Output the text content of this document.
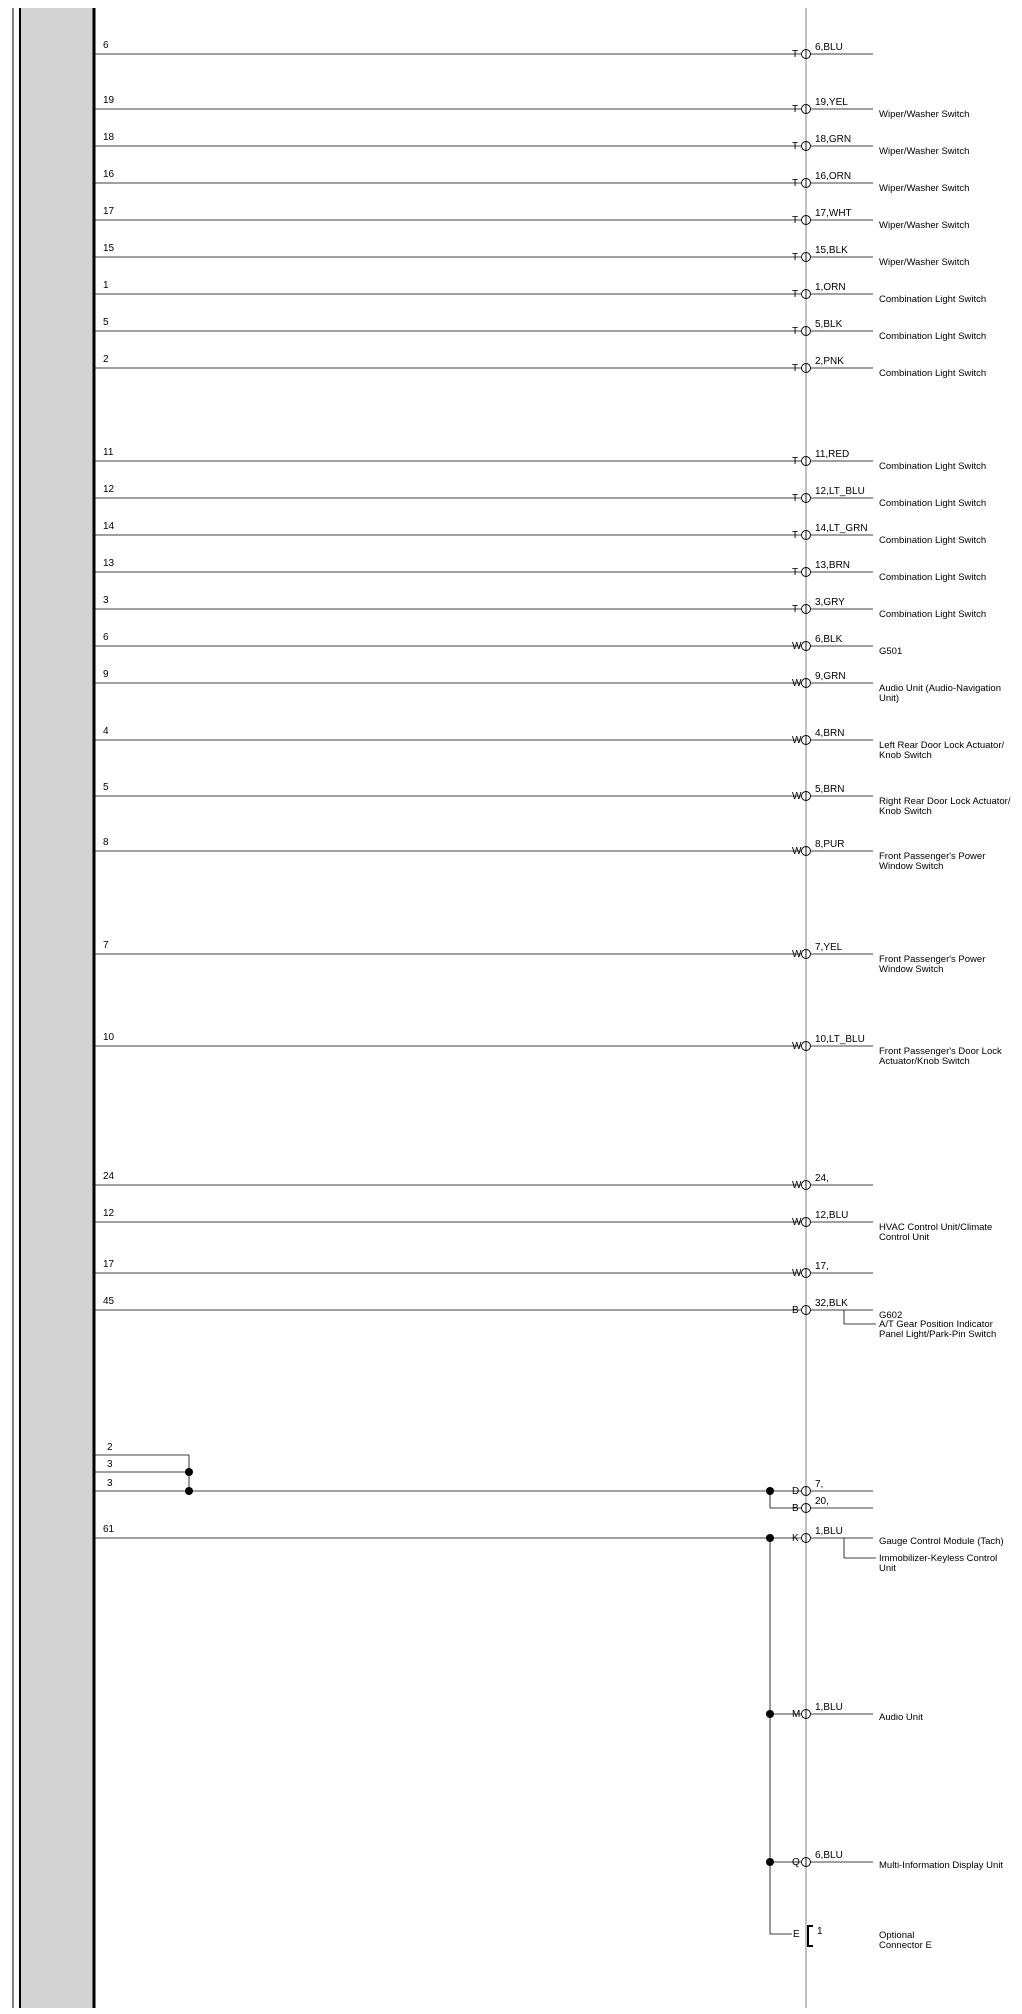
6
T
6,BLU
19
T
19,YEL
Wiper/Washer Switch
18
T
18,GRN
Wiper/Washer Switch
16
T
16,ORN
Wiper/Washer Switch
17
T
17,WHT
Wiper/Washer Switch
15
T
15,BLK
Wiper/Washer Switch
1
T
1,ORN
Combination Light Switch
5
T
5,BLK
Combination Light Switch
2
T
2,PNK
Combination Light Switch
11
T
11,RED
Combination Light Switch
12
T
12,LT_BLU
Combination Light Switch
14
T
14,LT_GRN
Combination Light Switch
13
T
13,BRN
Combination Light Switch
3
T
3,GRY
Combination Light Switch
6
W
6,BLK
G501
9
W
9,GRN
Audio Unit (Audio-Navigation
Unit)
4
W
4,BRN
Left Rear Door Lock Actuator/
Knob Switch
5
W
5,BRN
Right Rear Door Lock Actuator/
Knob Switch
8
W
8,PUR
Front Passenger's Power
Window Switch
7
W
7,YEL
Front Passenger's Power
Window Switch
10
W
10,LT_BLU
Front Passenger's Door Lock
Actuator/Knob Switch
24
W
24,
12
W
12,BLU
HVAC Control Unit/Climate
Control Unit
17
W
17,
45
B
32,BLK
G602
A/T Gear Position Indicator
Panel Light/Park-Pin Switch
2
3
3
D
7,
B
20,
61
K
1,BLU
Gauge Control Module (Tach)
Immobilizer-Keyless Control
Unit
M
1,BLU
Audio Unit
Q
6,BLU
Multi-Information Display Unit
E 1	Optional
Connector E
